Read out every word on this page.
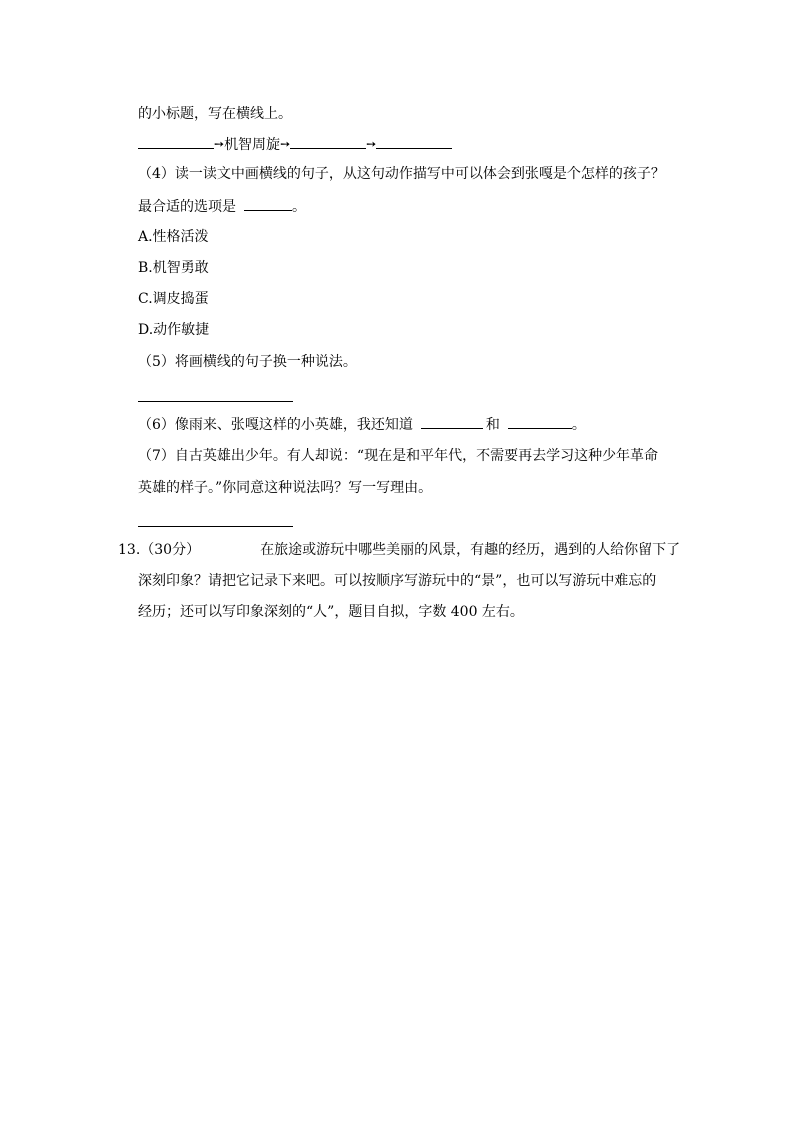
的小标题，写在横线上。
➙机智周旋➙	➙
（4）读一读文中画横线的句子，从这句动作描写中可以体会到张嘎是个怎样的孩子？
最合适的选项是	。
A.性格活泼
B.机智勇敢
C.调皮捣蛋
D.动作敏捷
（5）将画横线的句子换一种说法。
（6）像雨来、张嘎这样的小英雄，我还知道	和	。
（7）自古英雄出少年。有人却说：“现在是和平年代，不需要再去学习这种少年革命
英雄的样子。”你同意这种说法吗？写一写理由。
13.（30分）	在旅途或游玩中哪些美丽的风景，有趣的经历，遇到的人给你留下了
深刻印象？请把它记录下来吧。可以按顺序写游玩中的“景”，也可以写游玩中难忘的
经历；还可以写印象深刻的“人”，题目自拟，字数 400 左右。
